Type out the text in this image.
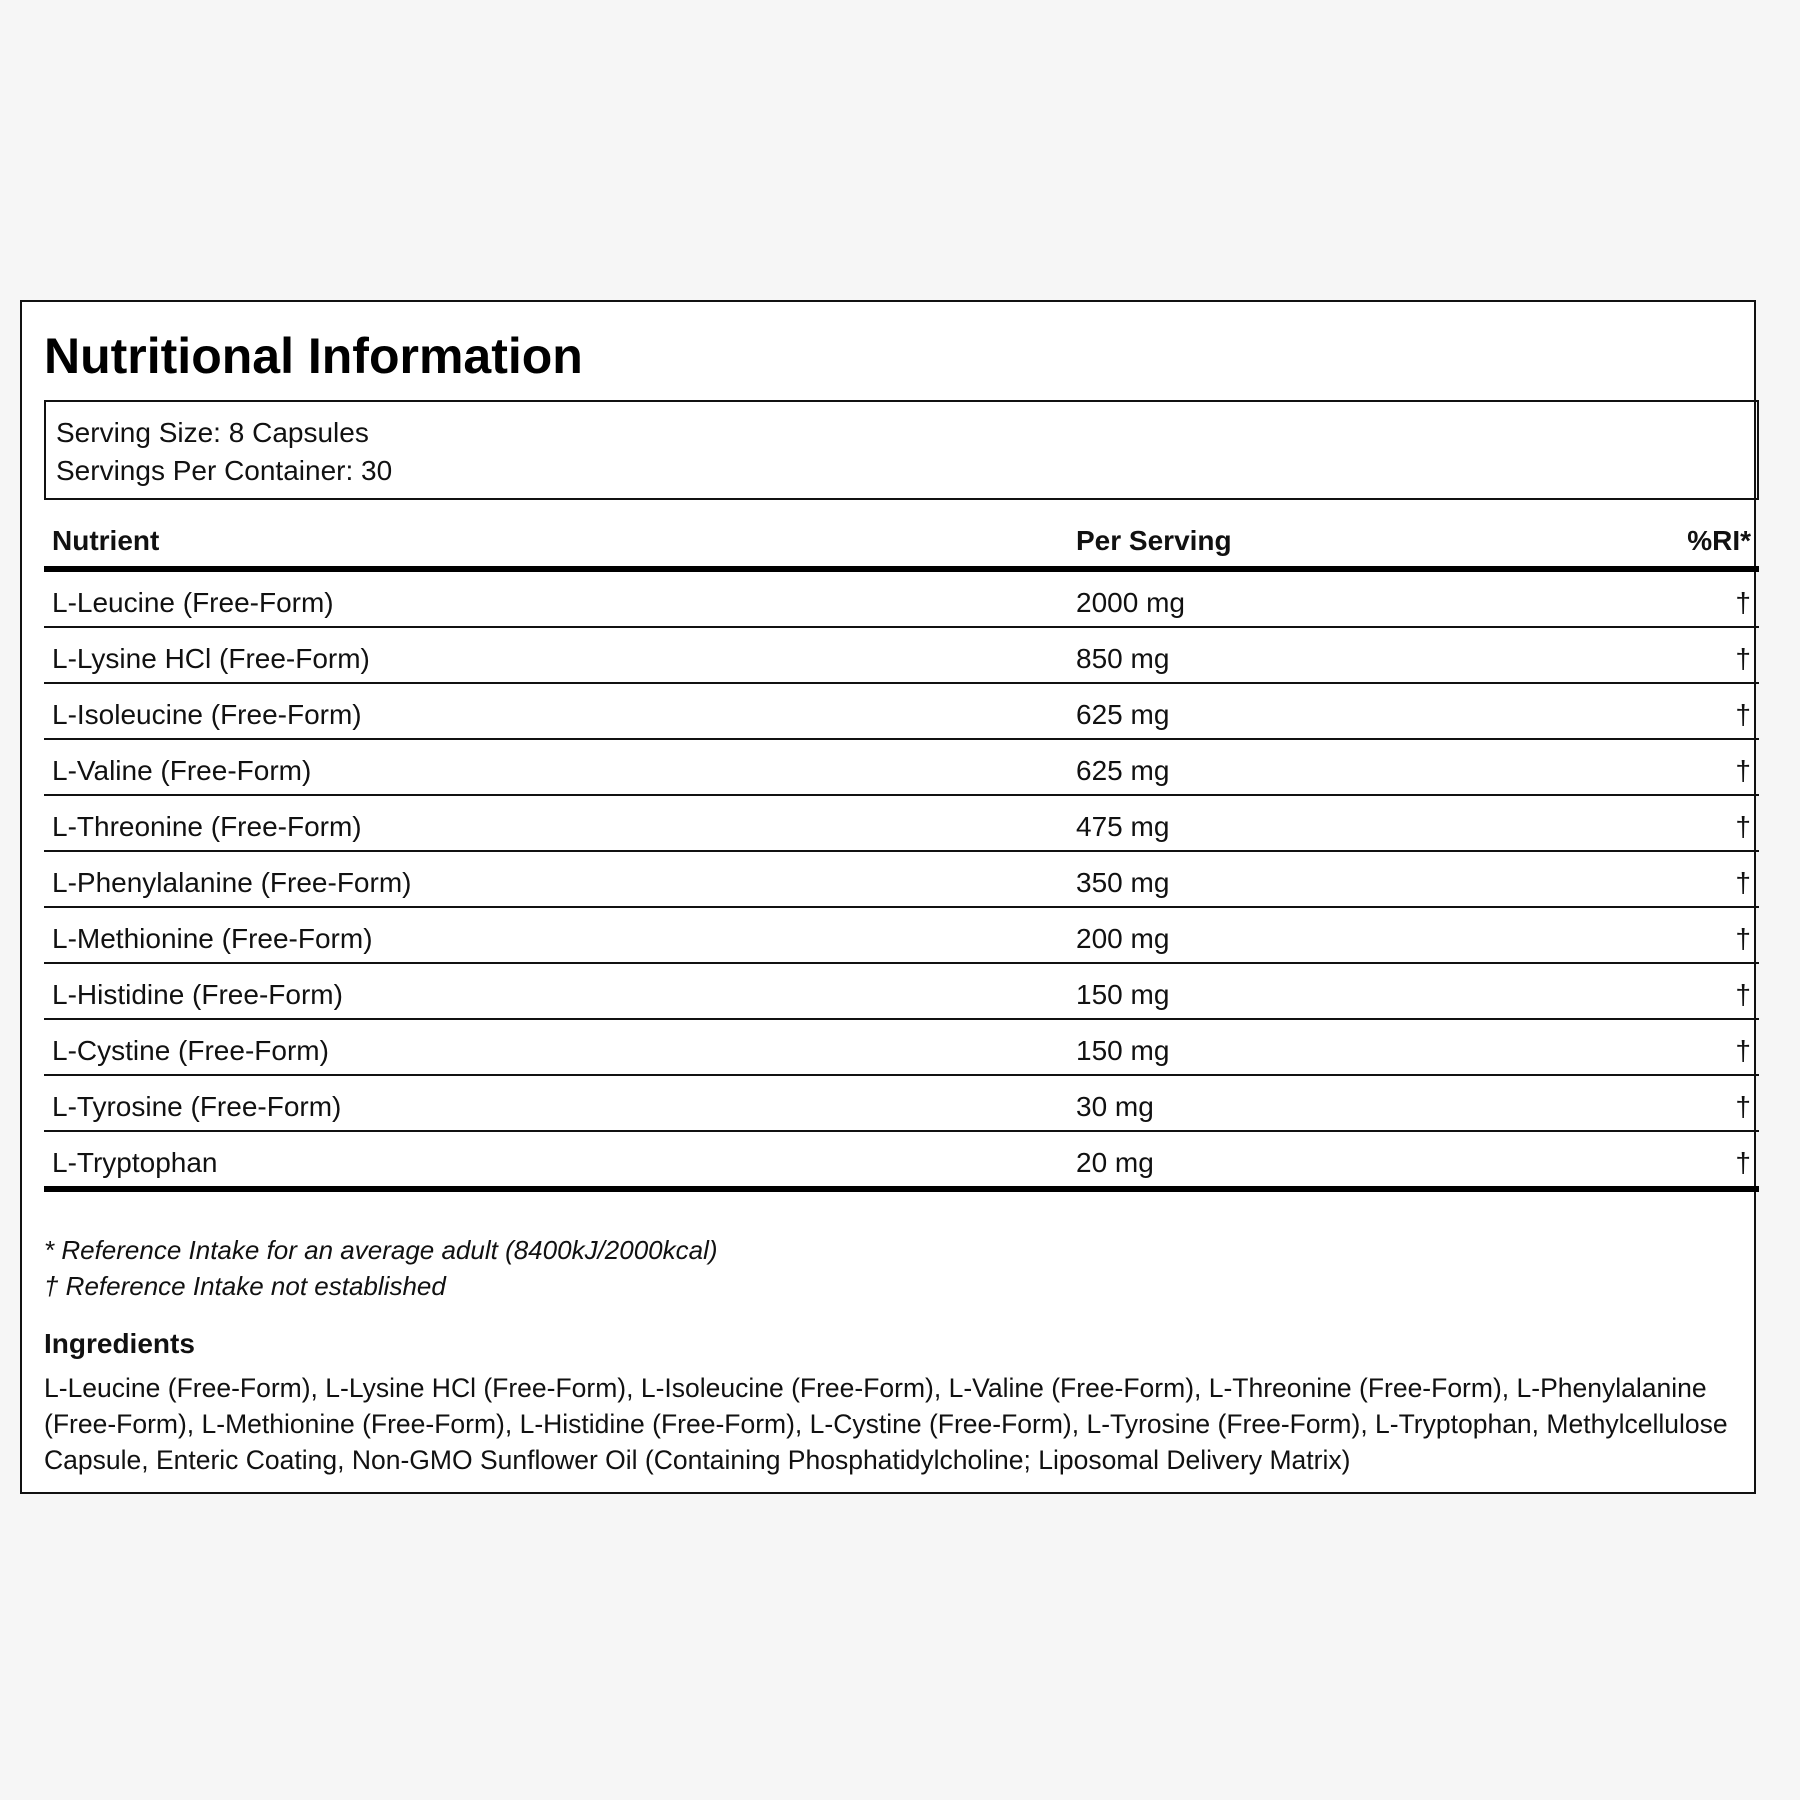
Nutritional Information

Serving Size: 8 Capsules

Servings Per Container: 30

Nutrient	Per Serving	%RI*
L-Leucine (Free-Form)	2000 mg	†
L-Lysine HCl (Free-Form)	850 mg	†
L-Isoleucine (Free-Form)	625 mg	†
L-Valine (Free-Form)	625 mg	†
L-Threonine (Free-Form)	475 mg	†
L-Phenylalanine (Free-Form)	350 mg	†
L-Methionine (Free-Form)	200 mg	†
L-Histidine (Free-Form)	150 mg	†
L-Cystine (Free-Form)	150 mg	†
L-Tyrosine (Free-Form)	30 mg	†
L-Tryptophan	20 mg	†

* Reference Intake for an average adult (8400kJ/2000kcal)

† Reference Intake not established

Ingredients

L-Leucine (Free-Form), L-Lysine HCl (Free-Form), L-Isoleucine (Free-Form), L-Valine (Free-Form), L-Threonine (Free-Form), L-Phenylalanine (Free-Form), L-Methionine (Free-Form), L-Histidine (Free-Form), L-Cystine (Free-Form), L-Tyrosine (Free-Form), L-Tryptophan, Methylcellulose Capsule, Enteric Coating, Non-GMO Sunflower Oil (Containing Phosphatidylcholine; Liposomal Delivery Matrix)
